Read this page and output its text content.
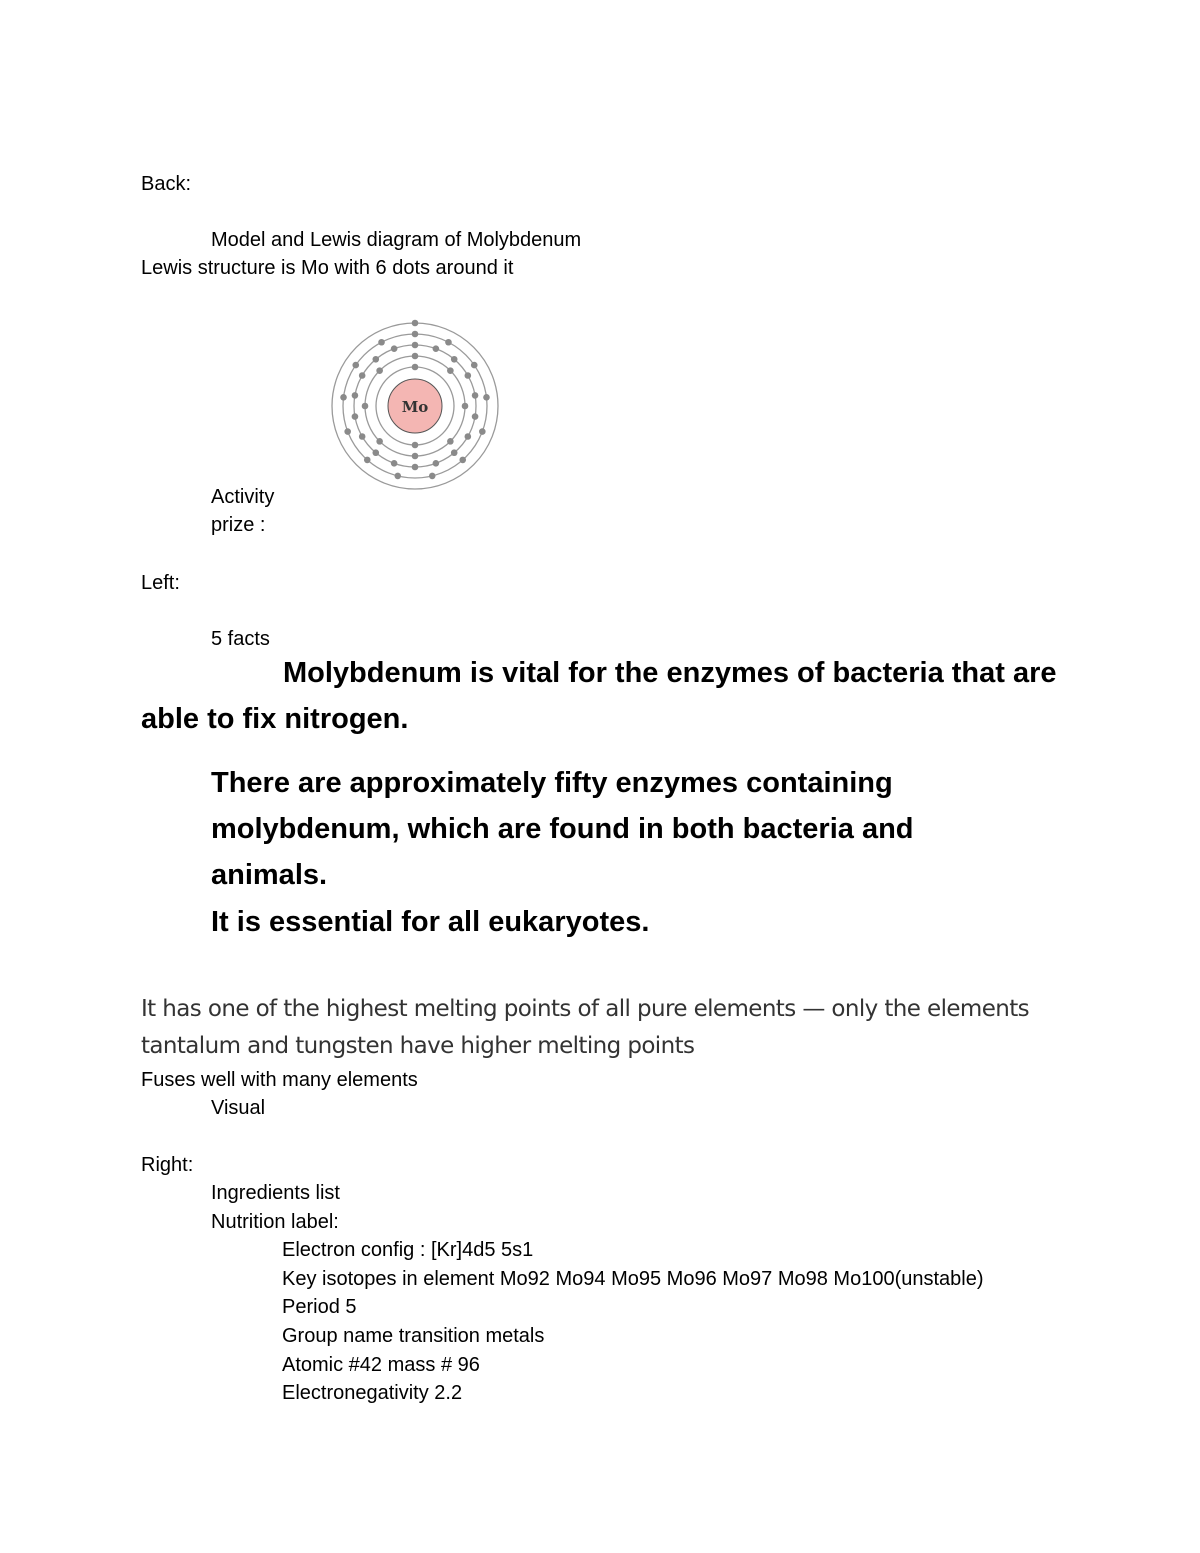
Back:

Model and Lewis diagram of Molybdenum

Lewis structure is Mo with 6 dots around it

Mo

Activity

prize :

Left:

5 facts

Molybdenum is vital for the enzymes of bacteria that are able to fix nitrogen.

There are approximately fifty enzymes containing

molybdenum, which are found in both bacteria and

animals.

It is essential for all eukaryotes.

It has one of the highest melting points of all pure elements — only the elements

tantalum and tungsten have higher melting points

Fuses well with many elements

Visual

Right:

Ingredients list

Nutrition label:

Electron config : [Kr]4d5 5s1

Key isotopes in element Mo92 Mo94 Mo95 Mo96 Mo97 Mo98 Mo100(unstable)

Period 5

Group name transition metals

Atomic #42 mass # 96

Electronegativity 2.2
